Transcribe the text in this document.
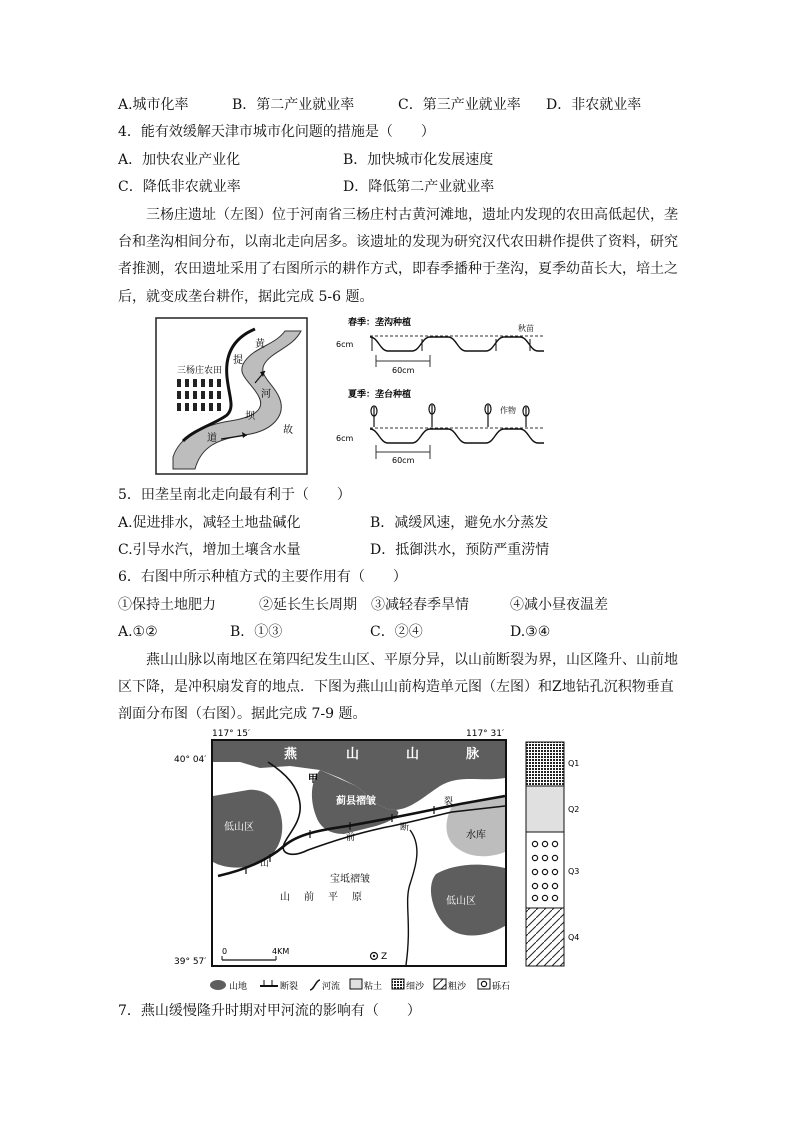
A.城市化率	B．第二产业就业率	C．第三产业就业率 D．非农就业率
4．能有效缓解天津市城市化问题的措施是（　　）
A．加快农业产业化	B．加快城市化发展速度
C．降低非农就业率	D．降低第二产业就业率
三杨庄遗址（左图）位于河南省三杨庄村古黄河滩地，遗址内发现的农田高低起伏，垄
台和垄沟相间分布，以南北走向居多。该遗址的发现为研究汉代农田耕作提供了资料，研究
者推测，农田遗址采用了右图所示的耕作方式，即春季播种于垄沟，夏季幼苗长大，培土之
后，就变成垄台耕作，据此完成 5-6 题。
三杨庄农田
黄
河
故
道
提
坝
春季：垄沟种植
秋苗
6cm
60cm
夏季：垄台种植
作物
6cm
60cm
5．田垄呈南北走向最有利于（　　）
A.促进排水，减轻土地盐碱化	B．减缓风速，避免水分蒸发
C.引导水汽，增加土壤含水量	D．抵御洪水，预防严重涝情
6．右图中所示种植方式的主要作用有（　　）
①保持土地肥力	②延长生长周期 ③减轻春季旱情	④减小昼夜温差
A.①②	B．①③	C．②④	D.③④
燕山山脉以南地区在第四纪发生山区、平原分异，以山前断裂为界，山区隆升、山前地
区下降，是冲积扇发育的地点．下图为燕山山前构造单元图（左图）和Z地钻孔沉积物垂直
剖面分布图（右图）。据此完成 7-9 题。
117° 15′	117° 31′
40° 04′
39° 57′
燕	山	山	脉
甲
蓟县褶皱
低山区
水库
低山区
宝坻褶皱
山 前 平 原
山
前
断
裂
0	4KM
Z
Q1
Q2
Q3
Q4
山地	断裂	河流	粘土	细沙	粗沙	砾石
7．燕山缓慢隆升时期对甲河流的影响有（　　）
